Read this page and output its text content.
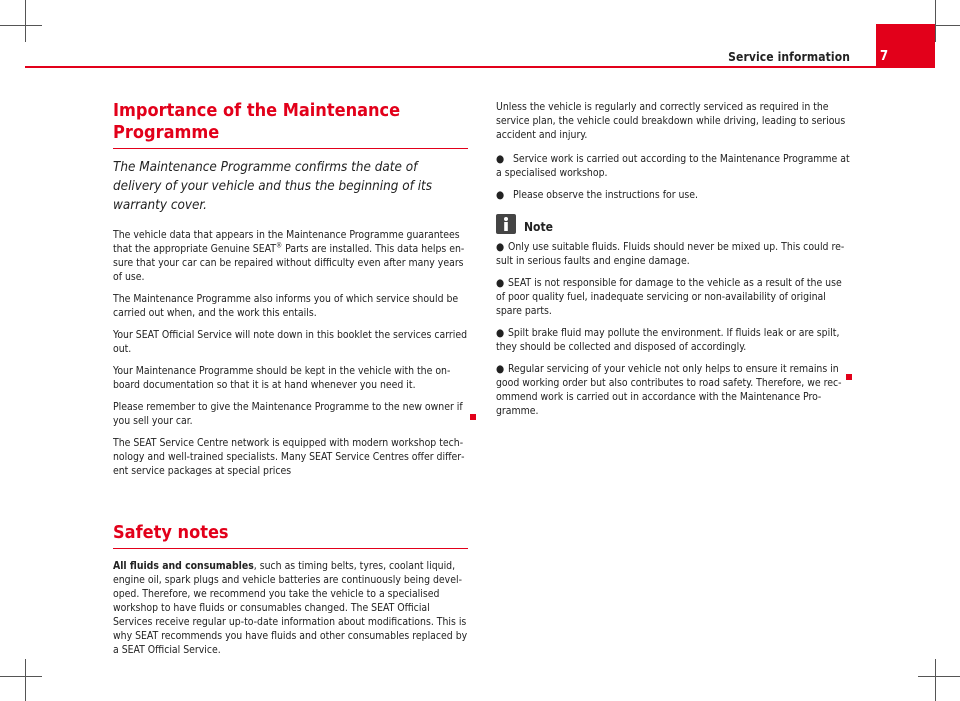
Service information 7
Importance of the Maintenance Programme

The Maintenance Programme confirms the date of delivery of your vehicle and thus the beginning of its warranty cover.

The vehicle data that appears in the Maintenance Programme guarantees that the appropriate Genuine SEAT® Parts are installed. This data helps ensure that your car can be repaired without difficulty even after many years of use.

The Maintenance Programme also informs you of which service should be carried out when, and the work this entails.

Your SEAT Official Service will note down in this booklet the services carried out.

Your Maintenance Programme should be kept in the vehicle with the onboard documentation so that it is at hand whenever you need it.

Please remember to give the Maintenance Programme to the new owner if you sell your car.

The SEAT Service Centre network is equipped with modern workshop technology and well-trained specialists. Many SEAT Service Centres offer different service packages at special prices

Safety notes

All fluids and consumables, such as timing belts, tyres, coolant liquid, engine oil, spark plugs and vehicle batteries are continuously being developed. Therefore, we recommend you take the vehicle to a specialised workshop to have fluids or consumables changed. The SEAT Official Services receive regular up-to-date information about modifications. This is why SEAT recommends you have fluids and other consumables replaced by a SEAT Official Service.

Unless the vehicle is regularly and correctly serviced as required in the service plan, the vehicle could breakdown while driving, leading to serious accident and injury.

● Service work is carried out according to the Maintenance Programme at a specialised workshop.
● Please observe the instructions for use.
Note
● Only use suitable fluids. Fluids should never be mixed up. This could result in serious faults and engine damage.
● SEAT is not responsible for damage to the vehicle as a result of the use of poor quality fuel, inadequate servicing or non-availability of original spare parts.
● Spilt brake fluid may pollute the environment. If fluids leak or are spilt, they should be collected and disposed of accordingly.
● Regular servicing of your vehicle not only helps to ensure it remains in good working order but also contributes to road safety. Therefore, we recommend work is carried out in accordance with the Maintenance Programme.
